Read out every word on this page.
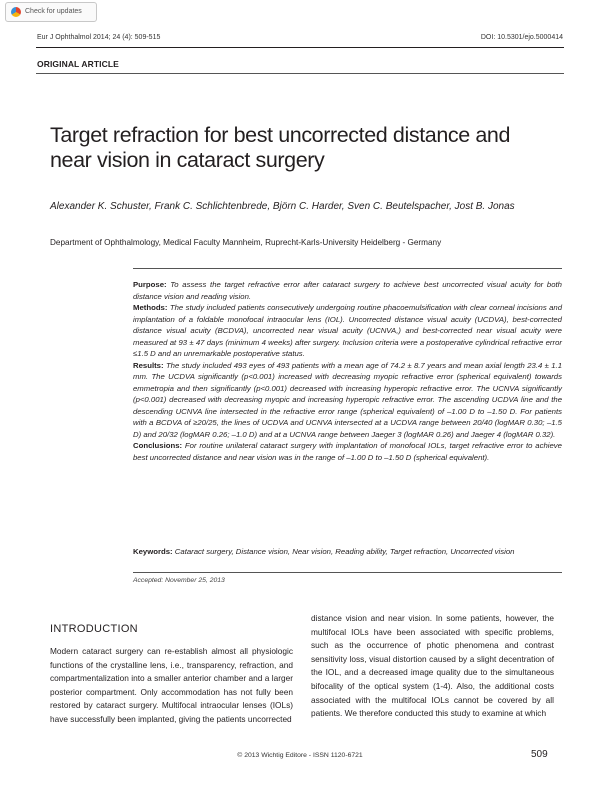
Check for updates
Eur J Ophthalmol 2014; 24 (4): 509-515	DOI: 10.5301/ejo.5000414
ORIGINAL ARTICLE
Target refraction for best uncorrected distance and near vision in cataract surgery
Alexander K. Schuster, Frank C. Schlichtenbrede, Björn C. Harder, Sven C. Beutelspacher, Jost B. Jonas
Department of Ophthalmology, Medical Faculty Mannheim, Ruprecht-Karls-University Heidelberg - Germany

Purpose: To assess the target refractive error after cataract surgery to achieve best uncorrected visual acuity for both distance vision and reading vision.

Methods: The study included patients consecutively undergoing routine phacoemulsification with clear corneal incisions and implantation of a foldable monofocal intraocular lens (IOL). Uncorrected distance visual acuity (UCDVA), best-corrected distance visual acuity (BCDVA), uncorrected near visual acuity (UCNVA,) and best-corrected near visual acuity were measured at 93 ± 47 days (minimum 4 weeks) after surgery. Inclusion criteria were a postoperative cylindrical refractive error ≤1.5 D and an unremarkable postoperative status.

Results: The study included 493 eyes of 493 patients with a mean age of 74.2 ± 8.7 years and mean axial length 23.4 ± 1.1 mm. The UCDVA significantly (p<0.001) increased with decreasing myopic refractive error (spherical equivalent) towards emmetropia and then significantly (p<0.001) decreased with increasing hyperopic refractive error. The UCNVA significantly (p<0.001) decreased with decreasing myopic and increasing hyperopic refractive error. The ascending UCDVA line and the descending UCNVA line intersected in the refractive error range (spherical equivalent) of –1.00 D to –1.50 D. For patients with a BCDVA of ≥20/25, the lines of UCDVA and UCNVA intersected at a UCDVA range between 20/40 (logMAR 0.30; –1.5 D) and 20/32 (logMAR 0.26; –1.0 D) and at a UCNVA range between Jaeger 3 (logMAR 0.26) and Jaeger 4 (logMAR 0.32).

Conclusions: For routine unilateral cataract surgery with implantation of monofocal IOLs, target refractive error to achieve best uncorrected distance and near vision was in the range of –1.00 D to –1.50 D (spherical equivalent).

Keywords: Cataract surgery, Distance vision, Near vision, Reading ability, Target refraction, Uncorrected vision
Accepted: November 25, 2013
INTRODUCTION

Modern cataract surgery can re-establish almost all physiologic functions of the crystalline lens, i.e., transparency, refraction, and compartmentalization into a smaller anterior chamber and a larger posterior compartment. Only accommodation has not fully been restored by cataract surgery. Multifocal intraocular lenses (IOLs) have successfully been implanted, giving the patients uncorrected

distance vision and near vision. In some patients, however, the multifocal IOLs have been associated with specific problems, such as the occurrence of photic phenomena and contrast sensitivity loss, visual distortion caused by a slight decentration of the IOL, and a decreased image quality due to the simultaneous bifocality of the optical system (1-4). Also, the additional costs associated with the multifocal IOLs cannot be covered by all patients. We therefore conducted this study to examine at which

© 2013 Wichtig Editore - ISSN 1120-6721	509
